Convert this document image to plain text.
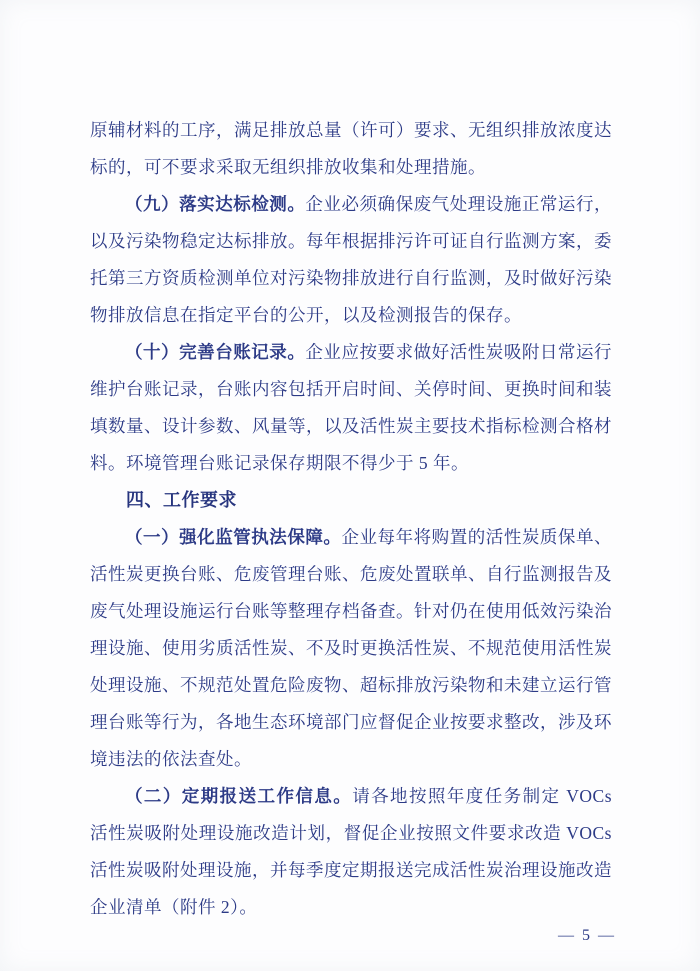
原辅材料的工序，满足排放总量（许可）要求、无组织排放浓度达标的，可不要求采取无组织排放收集和处理措施。

（九）落实达标检测。企业必须确保废气处理设施正常运行，以及污染物稳定达标排放。每年根据排污许可证自行监测方案，委托第三方资质检测单位对污染物排放进行自行监测，及时做好污染物排放信息在指定平台的公开，以及检测报告的保存。

（十）完善台账记录。企业应按要求做好活性炭吸附日常运行维护台账记录，台账内容包括开启时间、关停时间、更换时间和装填数量、设计参数、风量等，以及活性炭主要技术指标检测合格材料。环境管理台账记录保存期限不得少于 5 年。

四、工作要求

（一）强化监管执法保障。企业每年将购置的活性炭质保单、活性炭更换台账、危废管理台账、危废处置联单、自行监测报告及废气处理设施运行台账等整理存档备查。针对仍在使用低效污染治理设施、使用劣质活性炭、不及时更换活性炭、不规范使用活性炭处理设施、不规范处置危险废物、超标排放污染物和未建立运行管理台账等行为，各地生态环境部门应督促企业按要求整改，涉及环境违法的依法查处。

（二）定期报送工作信息。请各地按照年度任务制定 VOCs 活性炭吸附处理设施改造计划，督促企业按照文件要求改造 VOCs 活性炭吸附处理设施，并每季度定期报送完成活性炭治理设施改造企业清单（附件 2）。

— 5 —
